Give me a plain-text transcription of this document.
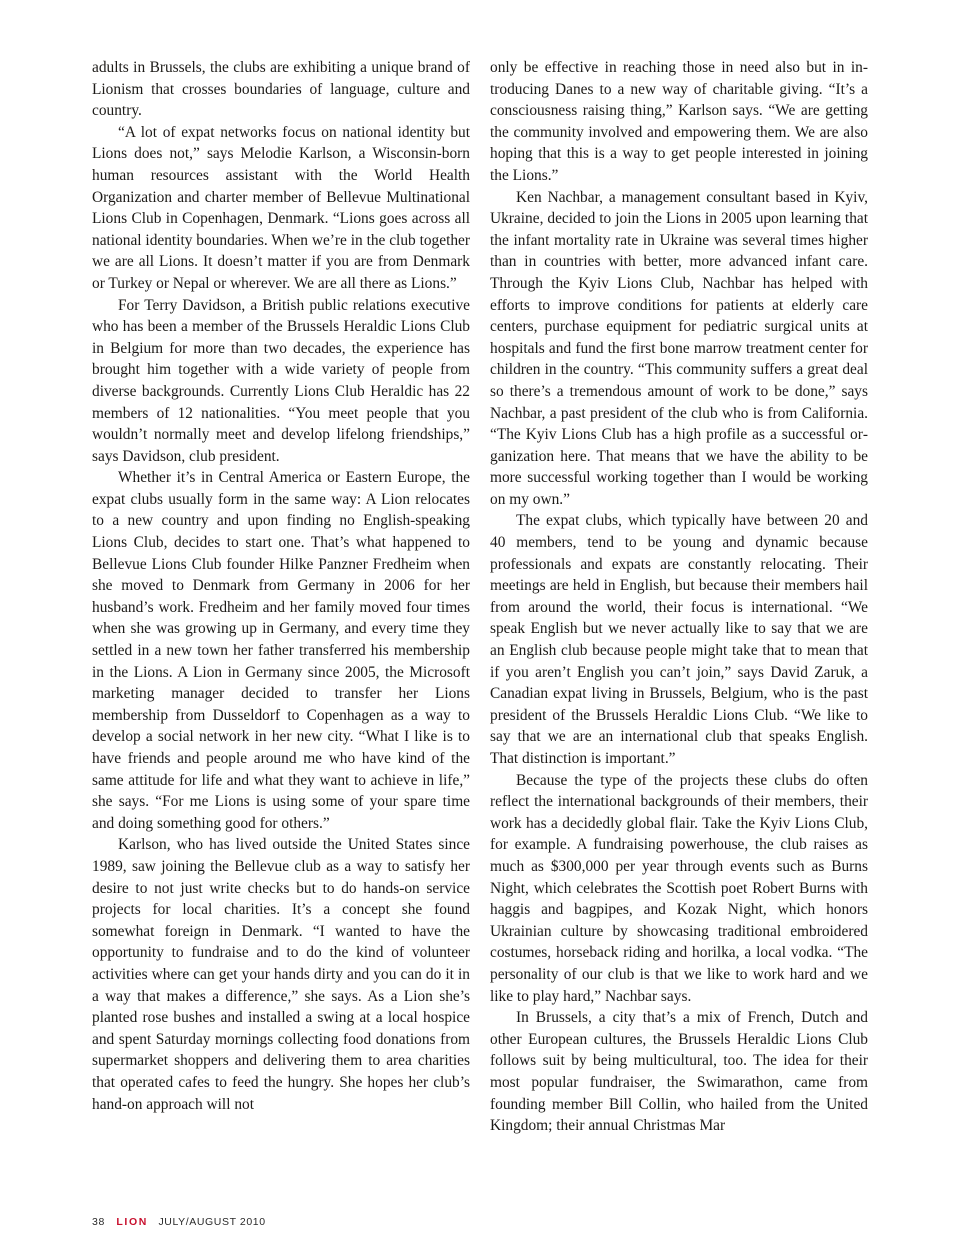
adults in Brussels, the clubs are exhibiting a unique brand of Lionism that crosses boundaries of language, culture and country.

“A lot of expat networks focus on national identity but Lions does not,” says Melodie Karlson, a Wisconsin-born human resources assistant with the World Health Organization and charter member of Bellevue Multinational Lions Club in Copenhagen, Denmark. “Lions goes across all national identity boundaries. When we’re in the club together we are all Lions. It doesn’t matter if you are from Denmark or Turkey or Nepal or wherever. We are all there as Lions.”

For Terry Davidson, a British public relations executive who has been a member of the Brussels Heraldic Lions Club in Belgium for more than two decades, the experience has brought him together with a wide variety of people from diverse backgrounds. Currently Lions Club Heraldic has 22 members of 12 nationalities. “You meet people that you wouldn’t normally meet and develop lifelong friendships,” says Davidson, club president.

Whether it’s in Central America or Eastern Europe, the expat clubs usually form in the same way: A Lion relocates to a new country and upon finding no English-speaking Lions Club, decides to start one. That’s what happened to Bellevue Lions Club founder Hilke Panzner Fredheim when she moved to Denmark from Germany in 2006 for her husband’s work. Fredheim and her family moved four times when she was growing up in Germany, and every time they settled in a new town her father transferred his membership in the Lions. A Lion in Germany since 2005, the Microsoft marketing manager decided to transfer her Lions membership from Dusseldorf to Copenhagen as a way to develop a social network in her new city. “What I like is to have friends and people around me who have kind of the same attitude for life and what they want to achieve in life,” she says. “For me Lions is using some of your spare time and doing something good for others.”

Karlson, who has lived outside the United States since 1989, saw joining the Bellevue club as a way to satisfy her desire to not just write checks but to do hands-on service projects for local charities. It’s a concept she found somewhat foreign in Denmark. “I wanted to have the opportunity to fundraise and to do the kind of volunteer activities where can get your hands dirty and you can do it in a way that makes a difference,” she says. As a Lion she’s planted rose bushes and installed a swing at a local hospice and spent Saturday mornings collecting food donations from supermarket shoppers and delivering them to area charities that operated cafes to feed the hungry. She hopes her club’s hand-on approach will not

only be effective in reaching those in need also but in introducing Danes to a new way of charitable giving. “It’s a consciousness raising thing,” Karlson says. “We are getting the community involved and empowering them. We are also hoping that this is a way to get people interested in joining the Lions.”

Ken Nachbar, a management consultant based in Kyiv, Ukraine, decided to join the Lions in 2005 upon learning that the infant mortality rate in Ukraine was several times higher than in countries with better, more advanced infant care. Through the Kyiv Lions Club, Nachbar has helped with efforts to improve conditions for patients at elderly care centers, purchase equipment for pediatric surgical units at hospitals and fund the first bone marrow treatment center for children in the country. “This community suffers a great deal so there’s a tremendous amount of work to be done,” says Nachbar, a past president of the club who is from California. “The Kyiv Lions Club has a high profile as a successful organization here. That means that we have the ability to be more successful working together than I would be working on my own.”

The expat clubs, which typically have between 20 and 40 members, tend to be young and dynamic because professionals and expats are constantly relocating. Their meetings are held in English, but because their members hail from around the world, their focus is international. “We speak English but we never actually like to say that we are an English club because people might take that to mean that if you aren’t English you can’t join,” says David Zaruk, a Canadian expat living in Brussels, Belgium, who is the past president of the Brussels Heraldic Lions Club. “We like to say that we are an international club that speaks English. That distinction is important.”

Because the type of the projects these clubs do often reflect the international backgrounds of their members, their work has a decidedly global flair. Take the Kyiv Lions Club, for example. A fundraising powerhouse, the club raises as much as $300,000 per year through events such as Burns Night, which celebrates the Scottish poet Robert Burns with haggis and bagpipes, and Kozak Night, which honors Ukrainian culture by showcasing traditional embroidered costumes, horseback riding and horilka, a local vodka. “The personality of our club is that we like to work hard and we like to play hard,” Nachbar says.

In Brussels, a city that’s a mix of French, Dutch and other European cultures, the Brussels Heraldic Lions Club follows suit by being multicultural, too. The idea for their most popular fundraiser, the Swimarathon, came from founding member Bill Collin, who hailed from the United Kingdom; their annual Christmas Mar

38 LION JULY/AUGUST 2010
